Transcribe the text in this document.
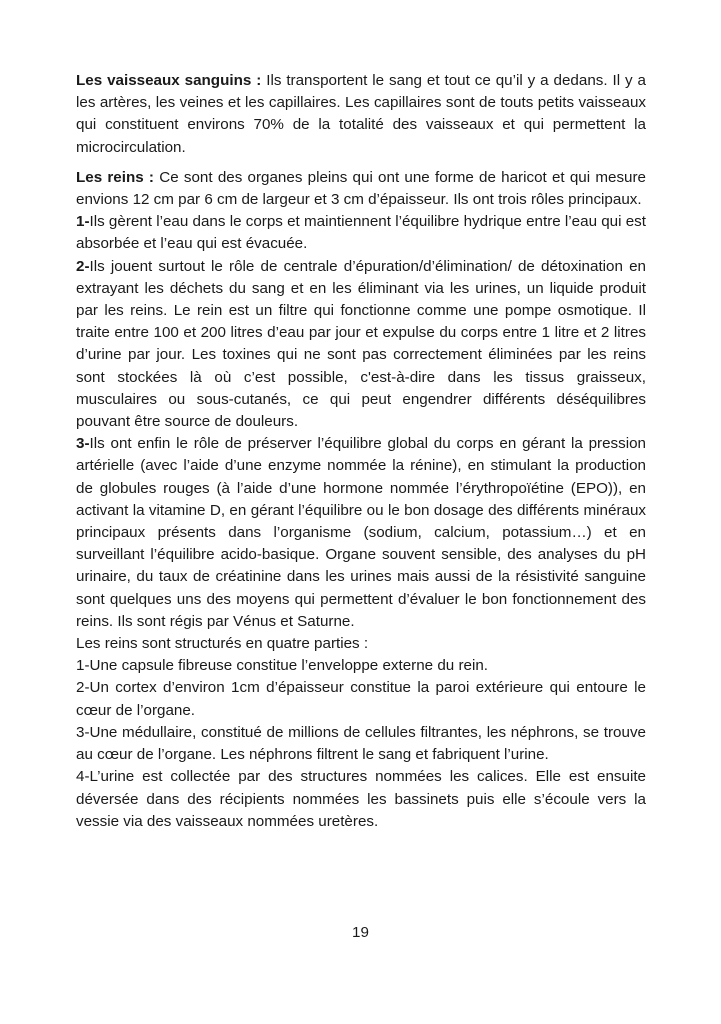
Les vaisseaux sanguins : Ils transportent le sang et tout ce qu’il y a dedans. Il y a les artères, les veines et les capillaires. Les capillaires sont de touts petits vaisseaux qui constituent environs 70% de la totalité des vaisseaux et qui permettent la microcirculation.

Les reins : Ce sont des organes pleins qui ont une forme de haricot et qui mesure envions 12 cm par 6 cm de largeur et 3 cm d’épaisseur. Ils ont trois rôles principaux.

1-Ils gèrent l’eau dans le corps et maintiennent l’équilibre hydrique entre l’eau qui est absorbée et l’eau qui est évacuée.

2-Ils jouent surtout le rôle de centrale d’épuration/d’élimination/ de détoxination en extrayant les déchets du sang et en les éliminant via les urines, un liquide produit par les reins. Le rein est un filtre qui fonctionne comme une pompe osmotique. Il traite entre 100 et 200 litres d’eau par jour et expulse du corps entre 1 litre et 2 litres d’urine par jour. Les toxines qui ne sont pas correctement éliminées par les reins sont stockées là où c’est possible, c'est-à-dire dans les tissus graisseux, musculaires ou sous-cutanés, ce qui peut engendrer différents déséquilibres pouvant être source de douleurs.

3-Ils ont enfin le rôle de préserver l’équilibre global du corps en gérant la pression artérielle (avec l’aide d’une enzyme nommée la rénine), en stimulant la production de globules rouges (à l’aide d’une hormone nommée l’érythropoïétine (EPO)), en activant la vitamine D, en gérant l’équilibre ou le bon dosage des différents minéraux principaux présents dans l’organisme (sodium, calcium, potassium…) et en surveillant l’équilibre acido-basique. Organe souvent sensible, des analyses du pH urinaire, du taux de créatinine dans les urines mais aussi de la résistivité sanguine sont quelques uns des moyens qui permettent d’évaluer le bon fonctionnement des reins. Ils sont régis par Vénus et Saturne.

Les reins sont structurés en quatre parties :

1-Une capsule fibreuse constitue l’enveloppe externe du rein.

2-Un cortex d’environ 1cm d’épaisseur constitue la paroi extérieure qui entoure le cœur de l’organe.

3-Une médullaire, constitué de millions de cellules filtrantes, les néphrons, se trouve au cœur de l’organe. Les néphrons filtrent le sang et fabriquent l’urine.

4-L’urine est collectée par des structures nommées les calices. Elle est ensuite déversée dans des récipients nommées les bassinets puis elle s’écoule vers la vessie via des vaisseaux nommées uretères.

19
